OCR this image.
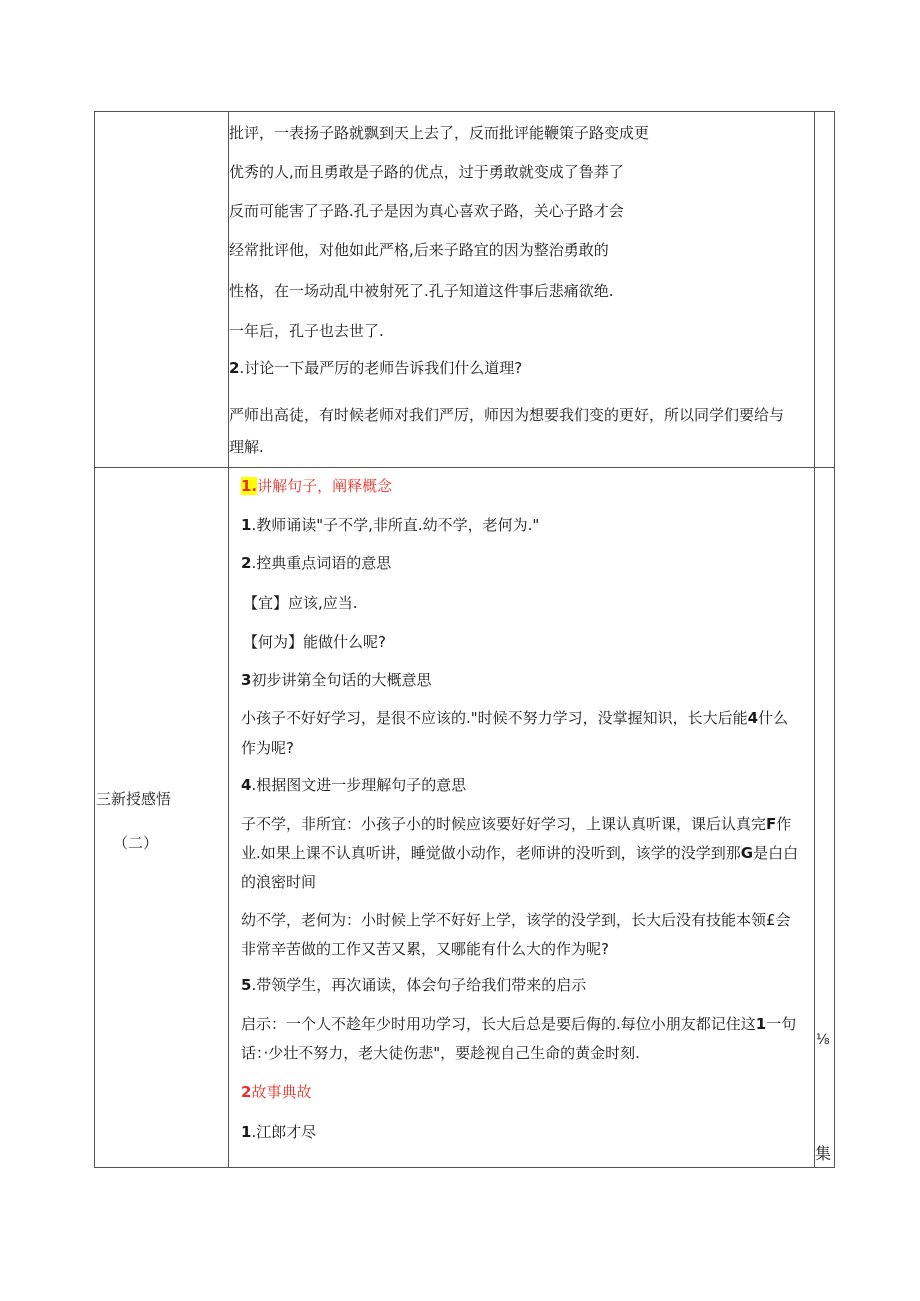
批评，一表扬子路就飘到天上去了，反而批评能鞭策子路变成更
优秀的人,而且勇敢是子路的优点，过于勇敢就变成了鲁莽了
反而可能害了子路.孔子是因为真心喜欢子路，关心子路才会
经常批评他，对他如此严格,后来子路宜的因为整治勇敢的
性格，在一场动乱中被射死了.孔子知道这件事后悲痛欲绝.
一年后，孔子也去世了.
2.讨论一下最严厉的老师告诉我们什么道理?
严师出高徒，有时候老师对我们严厉，师因为想要我们变的更好，所以同学们要给与
理解.
三新授感悟
（二）
1.讲解句子，阐释概念
1.教师诵读"子不学,非所直.幼不学，老何为."
2.控典重点词语的意思
【宜】应该,应当.
【何为】能做什么呢?
3初步讲第全句话的大概意思
小孩子不好好学习，是很不应该的."时候不努力学习，没掌握知识，长大后能4什么
作为呢?
4.根据图文进一步理解句子的意思
子不学，非所宜：小孩子小的时候应该要好好学习，上课认真听课，课后认真完F作
业.如果上课不认真听讲，睡觉做小动作，老师讲的没听到，该学的没学到那G是白白
的浪密时间
幼不学，老何为：小时候上学不好好上学，该学的没学到，长大后没有技能本领£会
非常辛苦做的工作又苦又累，又哪能有什么大的作为呢?
5.带领学生，再次诵读，体会句子给我们带来的启示
启示：一个人不趁年少时用功学习，长大后总是要后侮的.每位小朋友都记住这1一句
话：·少壮不努力，老大徒伤悲"，要趁视自己生命的黄金时刻.
2故事典故
1.江郎才尽
⅛
集
